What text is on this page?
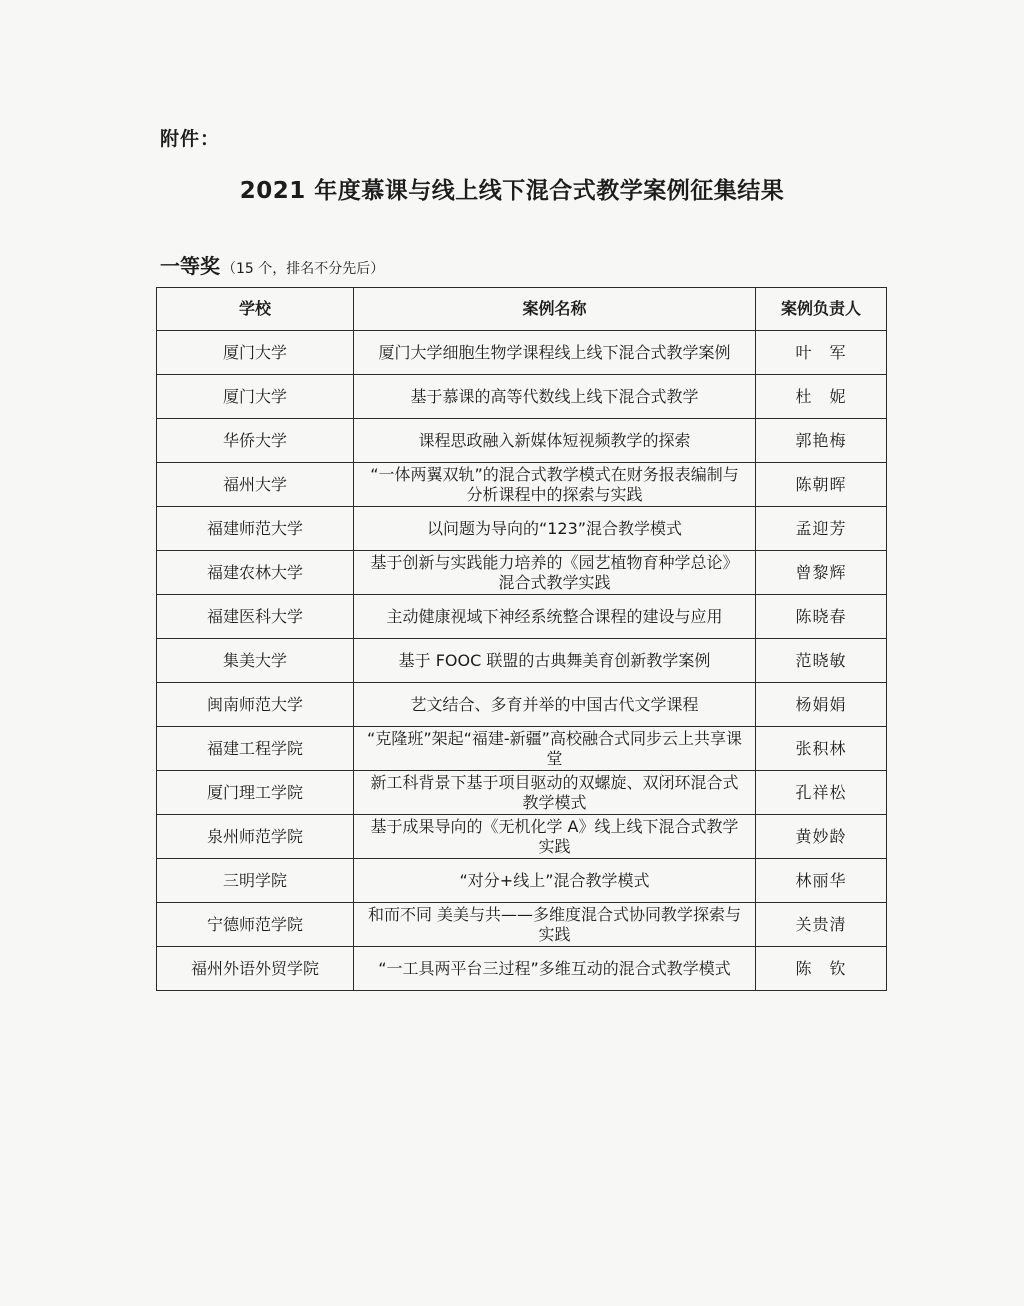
附件：
2021 年度慕课与线上线下混合式教学案例征集结果
一等奖 （15 个，排名不分先后）
学校	案例名称	案例负责人
厦门大学	厦门大学细胞生物学课程线上线下混合式教学案例	叶　军
厦门大学	基于慕课的高等代数线上线下混合式教学	杜　妮
华侨大学	课程思政融入新媒体短视频教学的探索	郭艳梅
福州大学	“一体两翼双轨”的混合式教学模式在财务报表编制与分析课程中的探索与实践	陈朝晖
福建师范大学	以问题为导向的“123”混合教学模式	孟迎芳
福建农林大学	基于创新与实践能力培养的《园艺植物育种学总论》混合式教学实践	曾黎辉
福建医科大学	主动健康视域下神经系统整合课程的建设与应用	陈晓春
集美大学	基于 FOOC 联盟的古典舞美育创新教学案例	范晓敏
闽南师范大学	艺文结合、多育并举的中国古代文学课程	杨娟娟
福建工程学院	“克隆班”架起“福建-新疆”高校融合式同步云上共享课堂	张积林
厦门理工学院	新工科背景下基于项目驱动的双螺旋、双闭环混合式教学模式	孔祥松
泉州师范学院	基于成果导向的《无机化学 A》线上线下混合式教学实践	黄妙龄
三明学院	“对分+线上”混合教学模式	林丽华
宁德师范学院	和而不同 美美与共——多维度混合式协同教学探索与实践	关贵清
福州外语外贸学院	“一工具两平台三过程”多维互动的混合式教学模式	陈　钦
